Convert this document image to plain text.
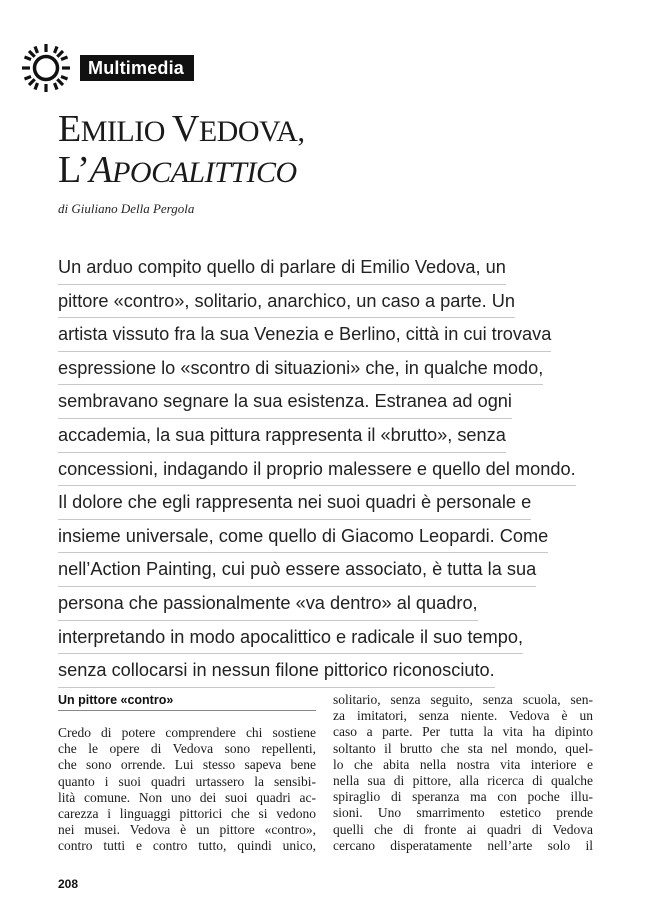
Multimedia
EMILIO VEDOVA,
L’APOCALITTICO
di Giuliano Della Pergola
Un arduo compito quello di parlare di Emilio Vedova, un
pittore «contro», solitario, anarchico, un caso a parte. Un
artista vissuto fra la sua Venezia e Berlino, città in cui trovava
espressione lo «scontro di situazioni» che, in qualche modo,
sembravano segnare la sua esistenza. Estranea ad ogni
accademia, la sua pittura rappresenta il «brutto», senza
concessioni, indagando il proprio malessere e quello del mondo.
Il dolore che egli rappresenta nei suoi quadri è personale e
insieme universale, come quello di Giacomo Leopardi. Come
nell’Action Painting, cui può essere associato, è tutta la sua
persona che passionalmente «va dentro» al quadro,
interpretando in modo apocalittico e radicale il suo tempo,
senza collocarsi in nessun filone pittorico riconosciuto.
Un pittore «contro»
Credo di potere comprendere chi sostiene
che le opere di Vedova sono repellenti,
che sono orrende. Lui stesso sapeva bene
quanto i suoi quadri urtassero la sensibi-
lità comune. Non uno dei suoi quadri ac-
carezza i linguaggi pittorici che si vedono
nei musei. Vedova è un pittore «contro»,
contro tutti e contro tutto, quindi unico,
solitario, senza seguito, senza scuola, sen-
za imitatori, senza niente. Vedova è un
caso a parte. Per tutta la vita ha dipinto
soltanto il brutto che sta nel mondo, quel-
lo che abita nella nostra vita interiore e
nella sua di pittore, alla ricerca di qualche
spiraglio di speranza ma con poche illu-
sioni. Uno smarrimento estetico prende
quelli che di fronte ai quadri di Vedova
cercano disperatamente nell’arte solo il
208
